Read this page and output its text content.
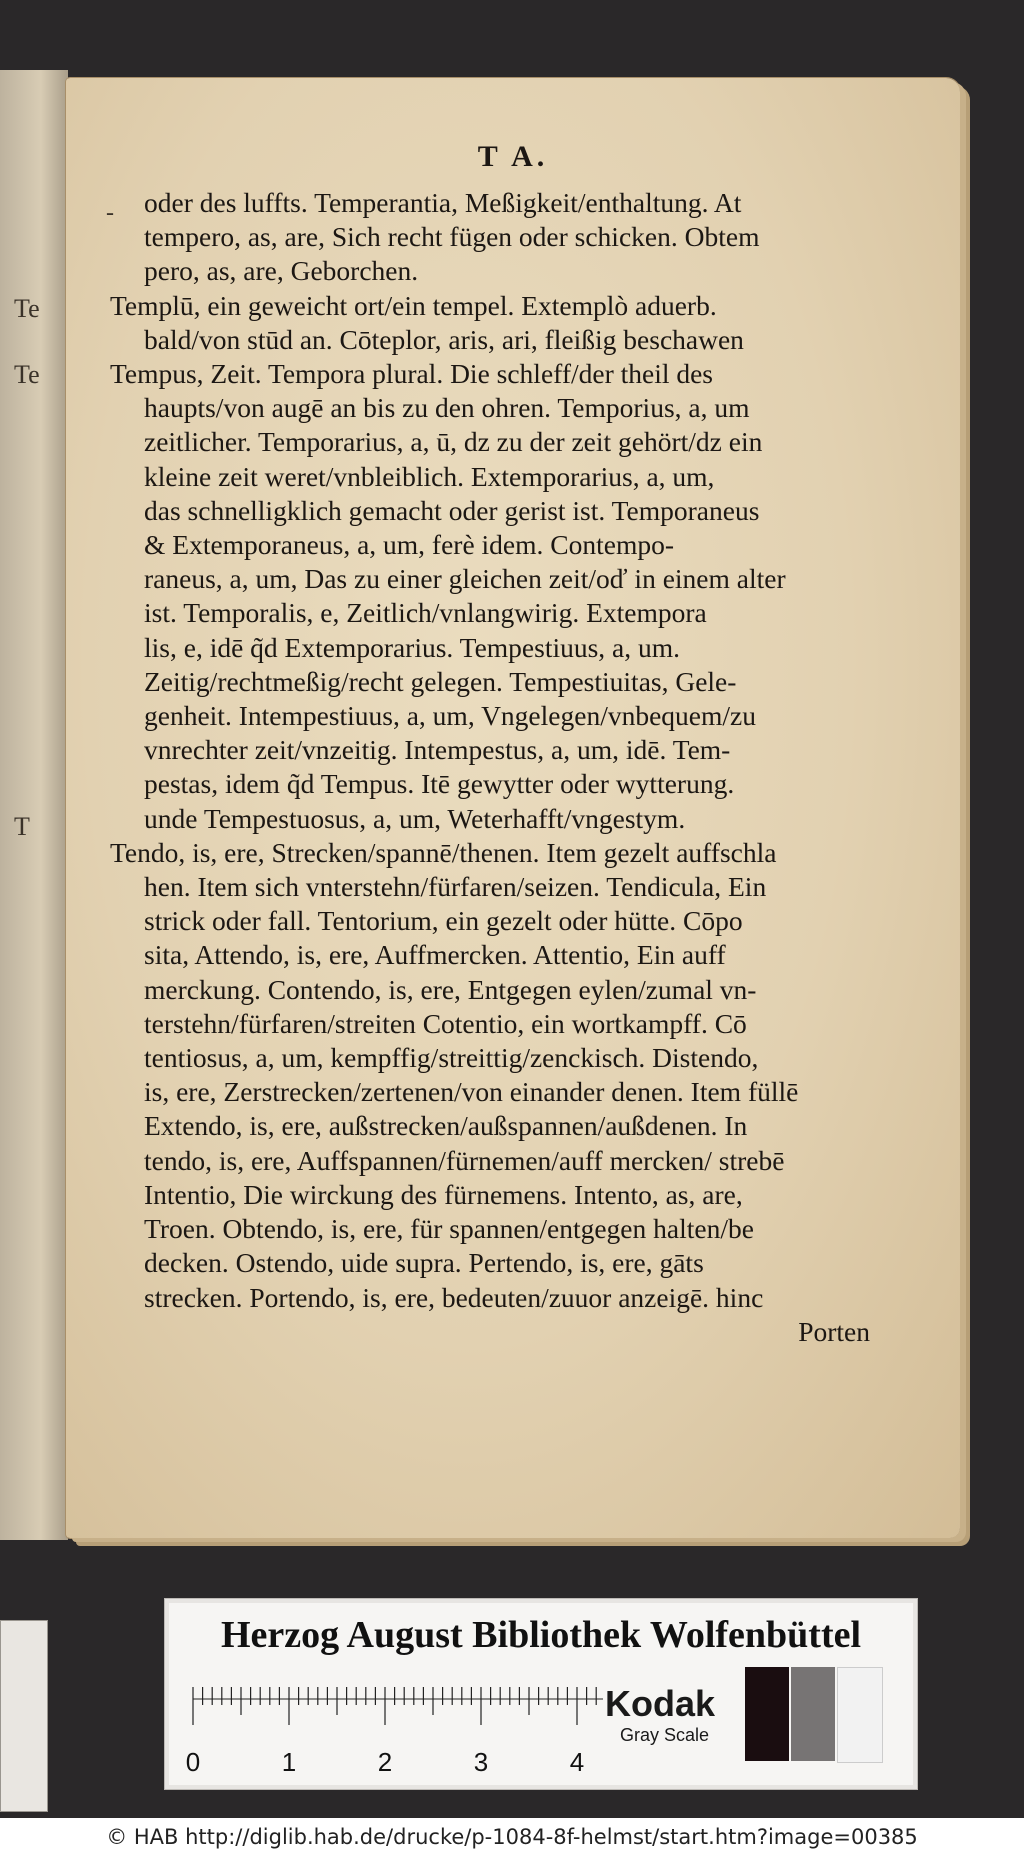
Te
Te
T
T A.
-	oder des luffts. Temperantia, Meßigkeit/enthaltung. At
tempero, as, are, Sich recht fügen oder schicken. Obtem
pero, as, are, Geborchen.
Templū, ein geweicht ort/ein tempel. Extemplò aduerb.
bald/von stūd an. Cōteplor, aris, ari, fleißig beschawen
Tempus, Zeit. Tempora plural. Die schleff/der theil des
haupts/von augē an bis zu den ohren. Temporius, a, um
zeitlicher. Temporarius, a, ū, dz zu der zeit gehört/dz ein
kleine zeit weret/vnbleiblich. Extemporarius, a, um,
das schnelligklich gemacht oder gerist ist. Temporaneus
& Extemporaneus, a, um, ferè idem. Contempo-
raneus, a, um, Das zu einer gleichen zeit/oď in einem alter
ist. Temporalis, e, Zeitlich/vnlangwirig. Extempora
lis, e, idē q̃d Extemporarius. Tempestiuus, a, um.
Zeitig/rechtmeßig/recht gelegen. Tempestiuitas, Gele-
genheit. Intempestiuus, a, um, Vngelegen/vnbequem/zu
vnrechter zeit/vnzeitig. Intempestus, a, um, idē. Tem-
pestas, idem q̃d Tempus. Itē gewytter oder wytterung.
unde Tempestuosus, a, um, Weterhafft/vngestym.
Tendo, is, ere, Strecken/spannē/thenen. Item gezelt auffschla
hen. Item sich vnterstehn/fürfaren/seizen. Tendicula, Ein
strick oder fall. Tentorium, ein gezelt oder hütte. Cōpo
sita, Attendo, is, ere, Auffmercken. Attentio, Ein auff
merckung. Contendo, is, ere, Entgegen eylen/zumal vn-
terstehn/fürfaren/streiten Cotentio, ein wortkampff. Cō
tentiosus, a, um, kempffig/streittig/zenckisch. Distendo,
is, ere, Zerstrecken/zertenen/von einander denen. Item füllē
Extendo, is, ere, außstrecken/außspannen/außdenen. In
tendo, is, ere, Auffspannen/fürnemen/auff mercken/ strebē
Intentio, Die wirckung des fürnemens. Intento, as, are,
Troen. Obtendo, is, ere, für spannen/entgegen halten/be
decken. Ostendo, uide supra. Pertendo, is, ere, gāts
strecken. Portendo, is, ere, bedeuten/zuuor anzeigē. hinc
Porten
Herzog August Bibliothek Wolfenbüttel
0	1	2	3	4
Kodak
Gray Scale
© HAB http://diglib.hab.de/drucke/p-1084-8f-helmst/start.htm?image=00385
